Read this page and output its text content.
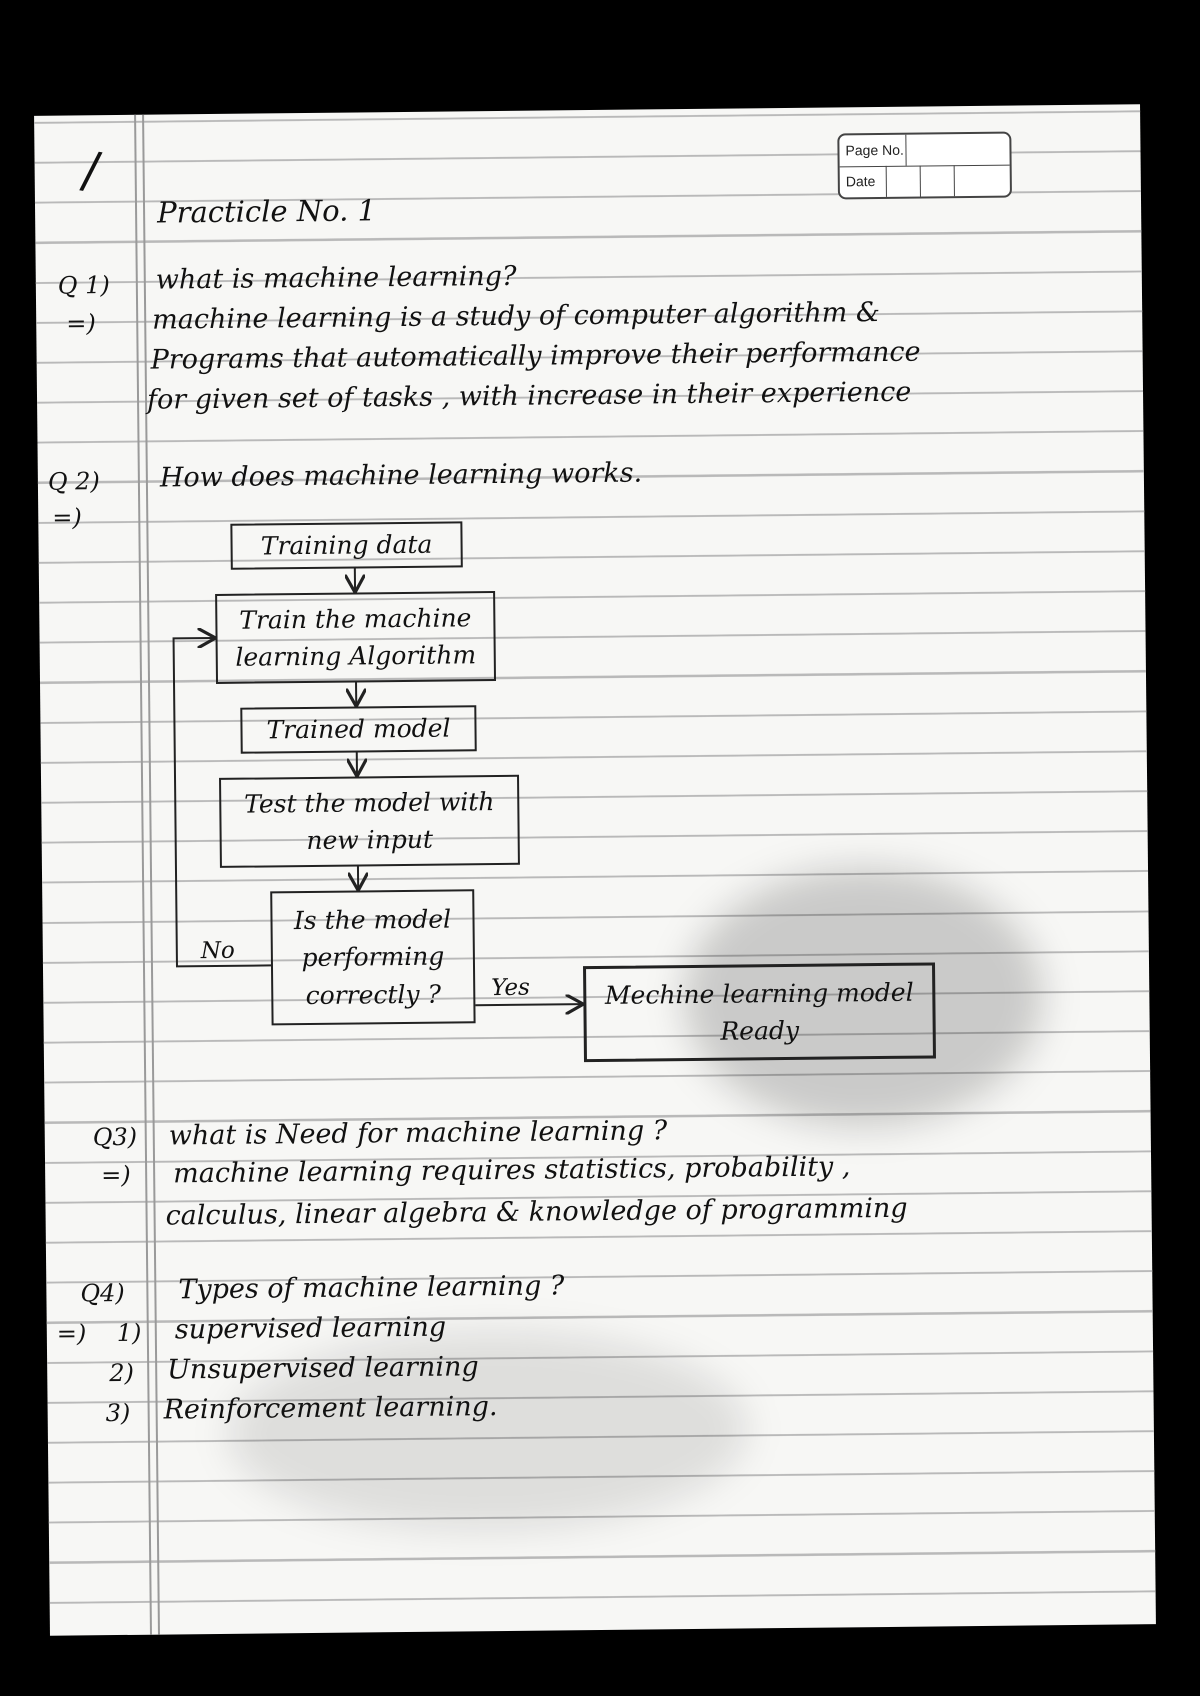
/	Page No.
Date
Practicle No. 1
Q 1) what is machine learning?
=) machine learning is a study of computer algorithm &
Programs that automatically improve their performance
for given set of tasks , with increase in their experience
Q 2) How does machine learning works.
=)
Training data
Train the machine
learning Algorithm
Trained model
Test the model with
new input
Is the model
performing
correctly ?	Mechine learning model
Ready
No
Yes
Q3) what is Need for machine learning ?
=) machine learning requires statistics, probability ,
calculus, linear algebra & knowledge of programming
Q4) Types of machine learning ?
=) 1) supervised learning
2) Unsupervised learning
3) Reinforcement learning.
